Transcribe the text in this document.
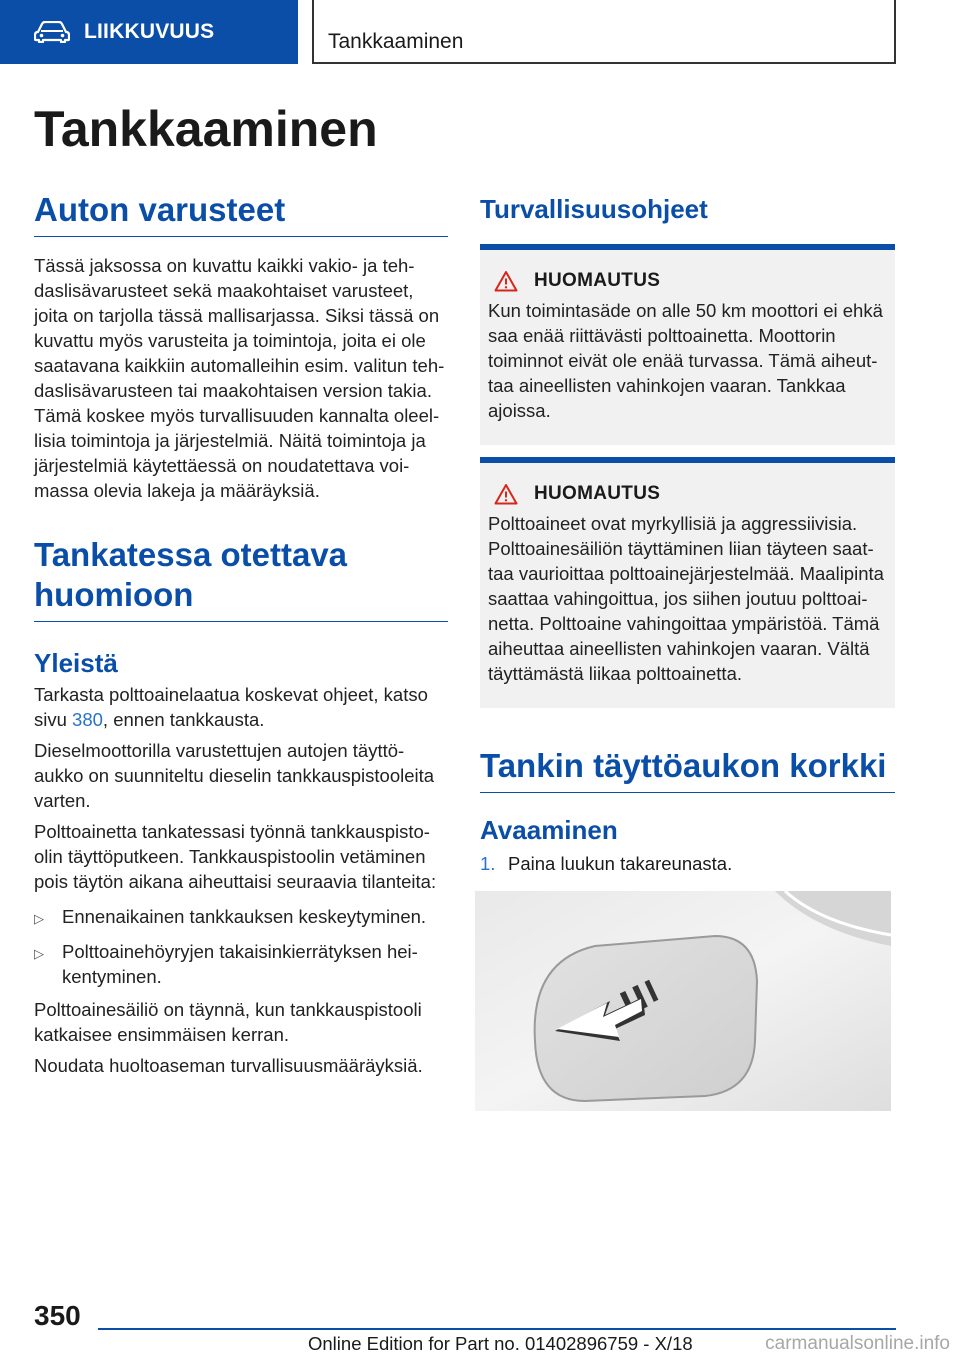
LIIKKUVUUS	Tankkaaminen
Tankkaaminen
Auton varusteet

Tässä jaksossa on kuvattu kaikki vakio- ja teh-daslisävarusteet sekä maakohtaiset varusteet, joita on tarjolla tässä mallisarjassa. Siksi tässä on kuvattu myös varusteita ja toimintoja, joita ei ole saatavana kaikkiin automalleihin esim. valitun teh-daslisävarusteen tai maakohtaisen version takia. Tämä koskee myös turvallisuuden kannalta oleel-lisia toimintoja ja järjestelmiä. Näitä toimintoja ja järjestelmiä käytettäessä on noudatettava voi-massa olevia lakeja ja määräyksiä.

Tankatessa otettava huomioon
Yleistä

Tarkasta polttoainelaatua koskevat ohjeet, katso sivu 380, ennen tankkausta.

Dieselmoottorilla varustettujen autojen täyttö-aukko on suunniteltu dieselin tankkauspistooleita varten.

Polttoainetta tankatessasi työnnä tankkauspisto-olin täyttöputkeen. Tankkauspistoolin vetäminen pois täytön aikana aiheuttaisi seuraavia tilanteita:

▷ Ennenaikainen tankkauksen keskeytyminen.
▷ Polttoainehöyryjen takaisinkierrätyksen hei-kentyminen.

Polttoainesäiliö on täynnä, kun tankkauspistooli katkaisee ensimmäisen kerran.

Noudata huoltoaseman turvallisuusmääräyksiä.

Turvallisuusohjeet
HUOMAUTUS

Kun toimintasäde on alle 50 km moottori ei ehkä saa enää riittävästi polttoainetta. Moottorin toiminnot eivät ole enää turvassa. Tämä aiheut-taa aineellisten vahinkojen vaaran. Tankkaa ajoissa.

HUOMAUTUS

Polttoaineet ovat myrkyllisiä ja aggressiivisia. Polttoainesäiliön täyttäminen liian täyteen saat-taa vaurioittaa polttoainejärjestelmää. Maalipinta saattaa vahingoittua, jos siihen joutuu polttoai-netta. Polttoaine vahingoittaa ympäristöä. Tämä aiheuttaa aineellisten vahinkojen vaaran. Vältä täyttämästä liikaa polttoainetta.

Tankin täyttöaukon korkki
Avaaminen
1. Paina luukun takareunasta.
350
Online Edition for Part no. 01402896759 - X/18	carmanualsonline.info
